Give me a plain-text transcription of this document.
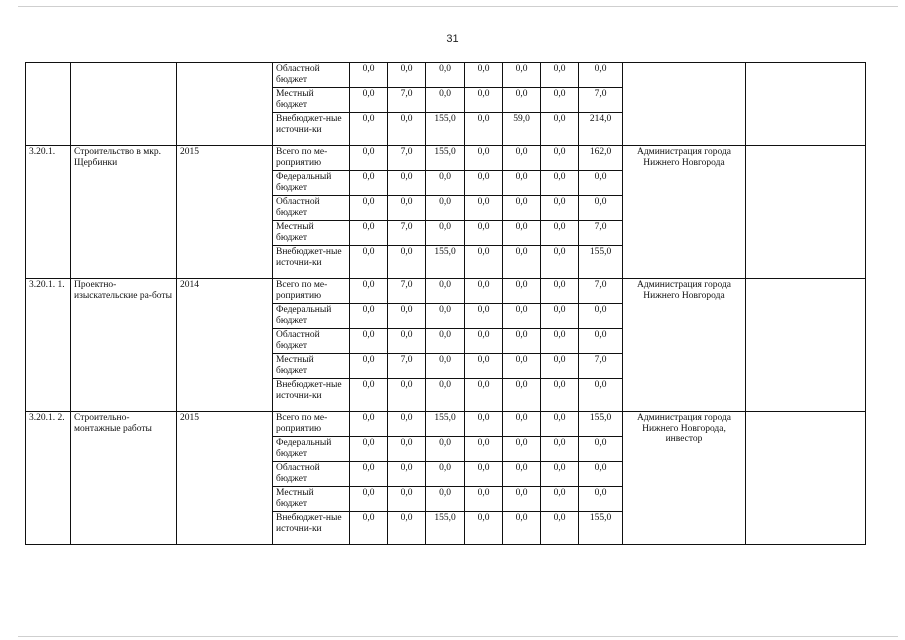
31
			Областной бюджет	0,0	0,0	0,0	0,0	0,0	0,0	0,0		
			Местный бюджет	0,0	7,0	0,0	0,0	0,0	0,0	7,0		
			Внебюджет-ные источни-ки	0,0	0,0	155,0	0,0	59,0	0,0	214,0		
3.20.1.	Строительство в мкр. Щербинки	2015	Всего по ме-роприятию	0,0	7,0	155,0	0,0	0,0	0,0	162,0	Администрация города Нижнего Новгорода	
			Федеральный бюджет	0,0	0,0	0,0	0,0	0,0	0,0	0,0		
			Областной бюджет	0,0	0,0	0,0	0,0	0,0	0,0	0,0		
			Местный бюджет	0,0	7,0	0,0	0,0	0,0	0,0	7,0		
			Внебюджет-ные источни-ки	0,0	0,0	155,0	0,0	0,0	0,0	155,0		
3.20.1. 1.	Проектно-изыскательские ра-боты	2014	Всего по ме-роприятию	0,0	7,0	0,0	0,0	0,0	0,0	7,0	Администрация города Нижнего Новгорода	
			Федеральный бюджет	0,0	0,0	0,0	0,0	0,0	0,0	0,0		
			Областной бюджет	0,0	0,0	0,0	0,0	0,0	0,0	0,0		
			Местный бюджет	0,0	7,0	0,0	0,0	0,0	0,0	7,0		
			Внебюджет-ные источни-ки	0,0	0,0	0,0	0,0	0,0	0,0	0,0		
3.20.1. 2.	Строительно-монтажные работы	2015	Всего по ме-роприятию	0,0	0,0	155,0	0,0	0,0	0,0	155,0	Администрация города Нижнего Новгорода, инвестор	
			Федеральный бюджет	0,0	0,0	0,0	0,0	0,0	0,0	0,0		
			Областной бюджет	0,0	0,0	0,0	0,0	0,0	0,0	0,0		
			Местный бюджет	0,0	0,0	0,0	0,0	0,0	0,0	0,0		
			Внебюджет-ные источни-ки	0,0	0,0	155,0	0,0	0,0	0,0	155,0		
